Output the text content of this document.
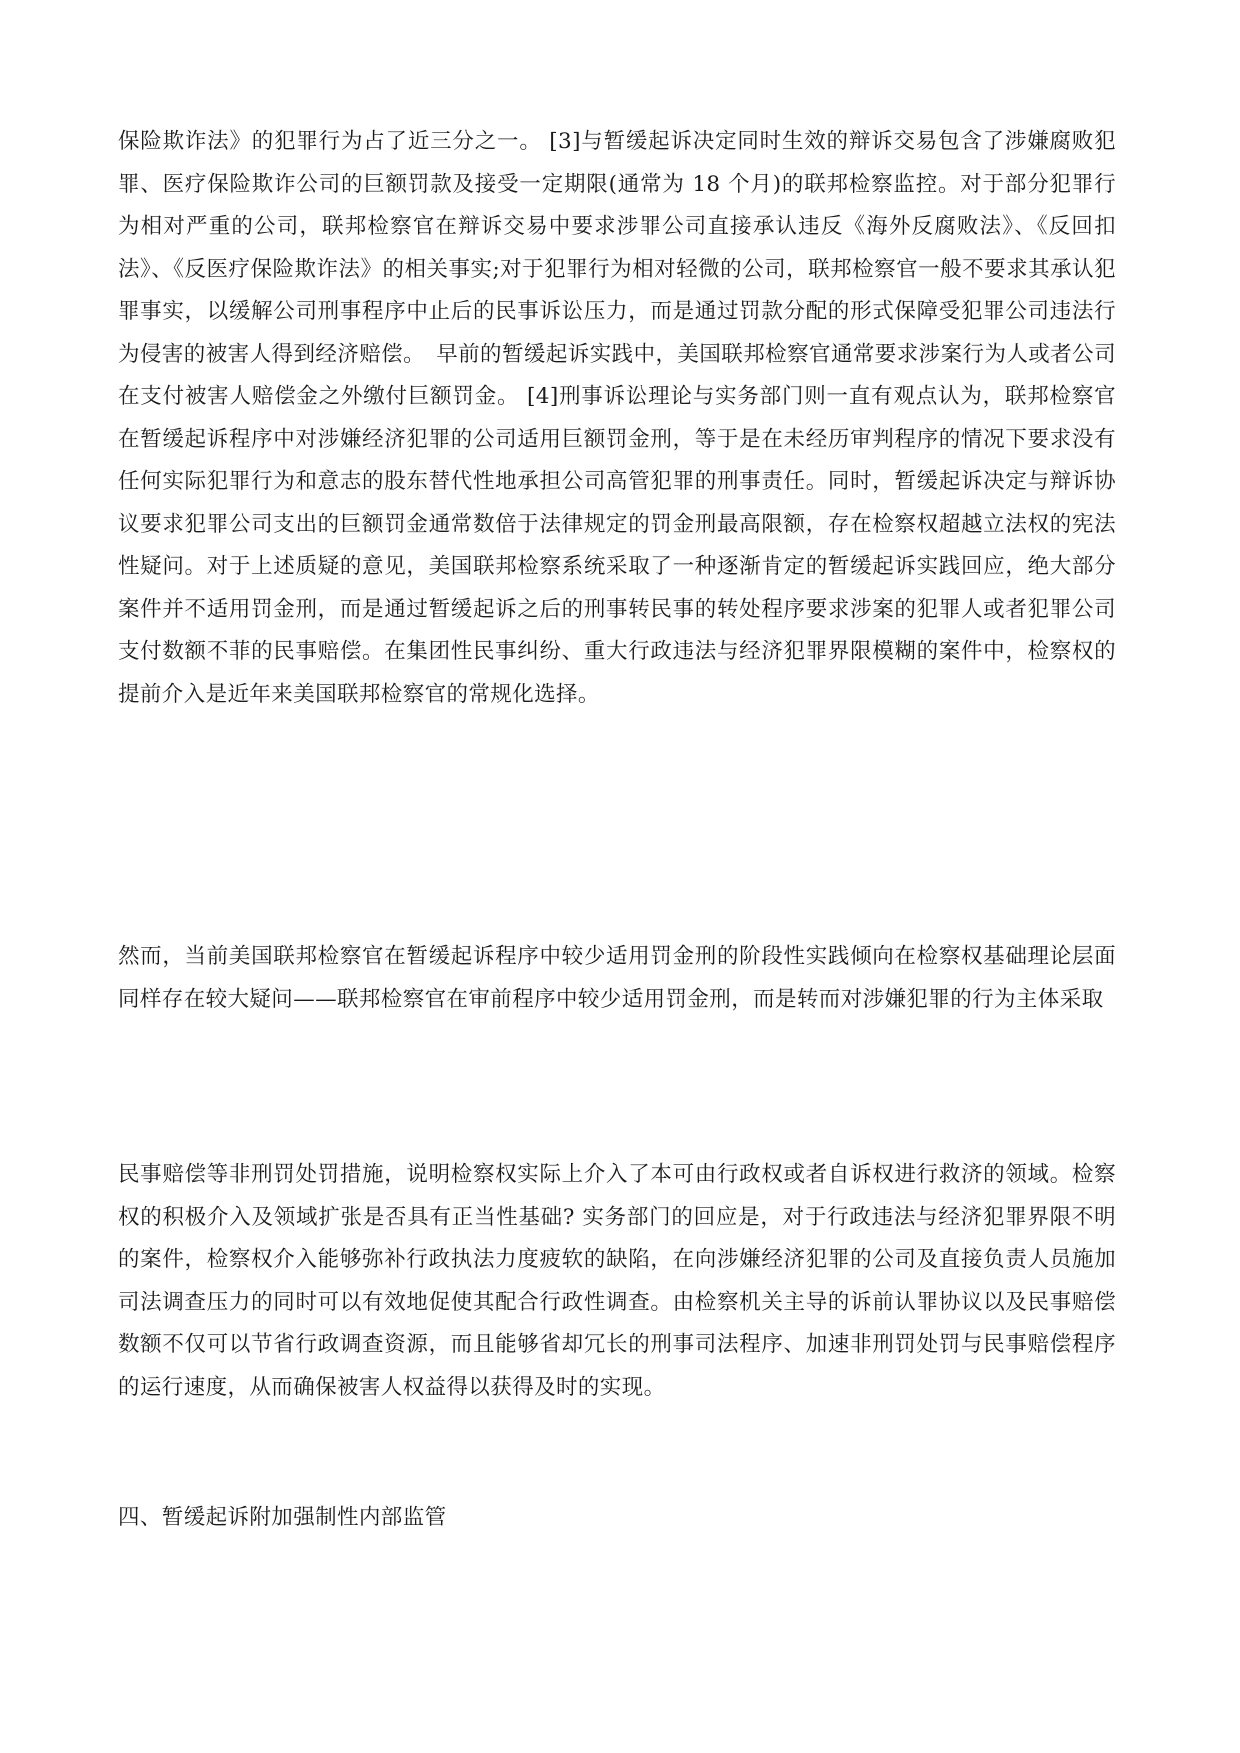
保险欺诈法》的犯罪行为占了近三分之一。 [3]与暂缓起诉决定同时生效的辩诉交易包含了涉嫌腐败犯罪、医疗保险欺诈公司的巨额罚款及接受一定期限(通常为 18 个月)的联邦检察监控。对于部分犯罪行为相对严重的公司，联邦检察官在辩诉交易中要求涉罪公司直接承认违反《海外反腐败法》、《反回扣法》、《反医疗保险欺诈法》的相关事实;对于犯罪行为相对轻微的公司，联邦检察官一般不要求其承认犯罪事实，以缓解公司刑事程序中止后的民事诉讼压力，而是通过罚款分配的形式保障受犯罪公司违法行为侵害的被害人得到经济赔偿。　早前的暂缓起诉实践中，美国联邦检察官通常要求涉案行为人或者公司在支付被害人赔偿金之外缴付巨额罚金。 [4]刑事诉讼理论与实务部门则一直有观点认为，联邦检察官在暂缓起诉程序中对涉嫌经济犯罪的公司适用巨额罚金刑，等于是在未经历审判程序的情况下要求没有任何实际犯罪行为和意志的股东替代性地承担公司高管犯罪的刑事责任。同时，暂缓起诉决定与辩诉协议要求犯罪公司支出的巨额罚金通常数倍于法律规定的罚金刑最高限额，存在检察权超越立法权的宪法性疑问。对于上述质疑的意见，美国联邦检察系统采取了一种逐渐肯定的暂缓起诉实践回应，绝大部分案件并不适用罚金刑，而是通过暂缓起诉之后的刑事转民事的转处程序要求涉案的犯罪人或者犯罪公司支付数额不菲的民事赔偿。在集团性民事纠纷、重大行政违法与经济犯罪界限模糊的案件中，检察权的提前介入是近年来美国联邦检察官的常规化选择。

然而，当前美国联邦检察官在暂缓起诉程序中较少适用罚金刑的阶段性实践倾向在检察权基础理论层面同样存在较大疑问——联邦检察官在审前程序中较少适用罚金刑，而是转而对涉嫌犯罪的行为主体采取

民事赔偿等非刑罚处罚措施，说明检察权实际上介入了本可由行政权或者自诉权进行救济的领域。检察权的积极介入及领域扩张是否具有正当性基础? 实务部门的回应是，对于行政违法与经济犯罪界限不明的案件，检察权介入能够弥补行政执法力度疲软的缺陷，在向涉嫌经济犯罪的公司及直接负责人员施加司法调查压力的同时可以有效地促使其配合行政性调查。由检察机关主导的诉前认罪协议以及民事赔偿数额不仅可以节省行政调查资源，而且能够省却冗长的刑事司法程序、加速非刑罚处罚与民事赔偿程序的运行速度，从而确保被害人权益得以获得及时的实现。

四、暂缓起诉附加强制性内部监管
